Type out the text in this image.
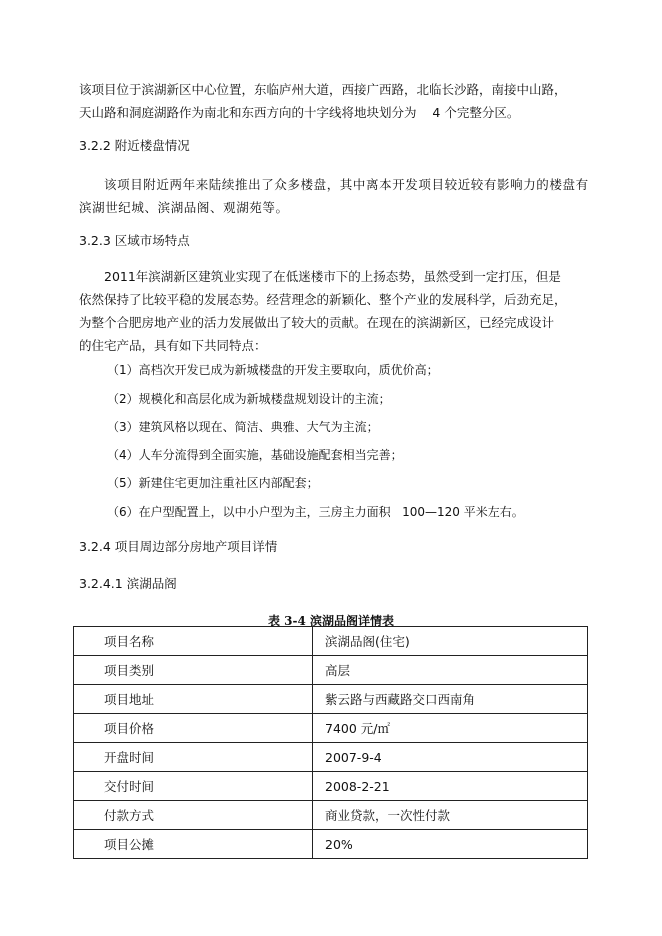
该项目位于滨湖新区中心位置，东临庐州大道，西接广西路，北临长沙路，南接中山路，
天山路和洞庭湖路作为南北和东西方向的十字线将地块划分为    4 个完整分区。
3.2.2 附近楼盘情况

该项目附近两年来陆续推出了众多楼盘，其中离本开发项目较近较有影响力的楼盘有滨湖世纪城、滨湖品阁、观湖苑等。

3.2.3 区域市场特点
2011年滨湖新区建筑业实现了在低迷楼市下的上扬态势，虽然受到一定打压，但是
依然保持了比较平稳的发展态势。经营理念的新颖化、整个产业的发展科学，后劲充足，
为整个合肥房地产业的活力发展做出了较大的贡献。在现在的滨湖新区，已经完成设计
的住宅产品，具有如下共同特点：
（1）高档次开发已成为新城楼盘的开发主要取向，质优价高；
（2）规模化和高层化成为新城楼盘规划设计的主流；
（3）建筑风格以现在、简洁、典雅、大气为主流；
（4）人车分流得到全面实施，基础设施配套相当完善；
（5）新建住宅更加注重社区内部配套；
（6）在户型配置上，以中小户型为主，三房主力面积   100—120 平米左右。
3.2.4 项目周边部分房地产项目详情
3.2.4.1 滨湖品阁

表 3-4 滨湖品阁详情表

项目名称	滨湖品阁(住宅)
项目类别	高层
项目地址	紫云路与西藏路交口西南角
项目价格	7400 元/㎡
开盘时间	2007-9-4
交付时间	2008-2-21
付款方式	商业贷款，一次性付款
项目公摊	20%
